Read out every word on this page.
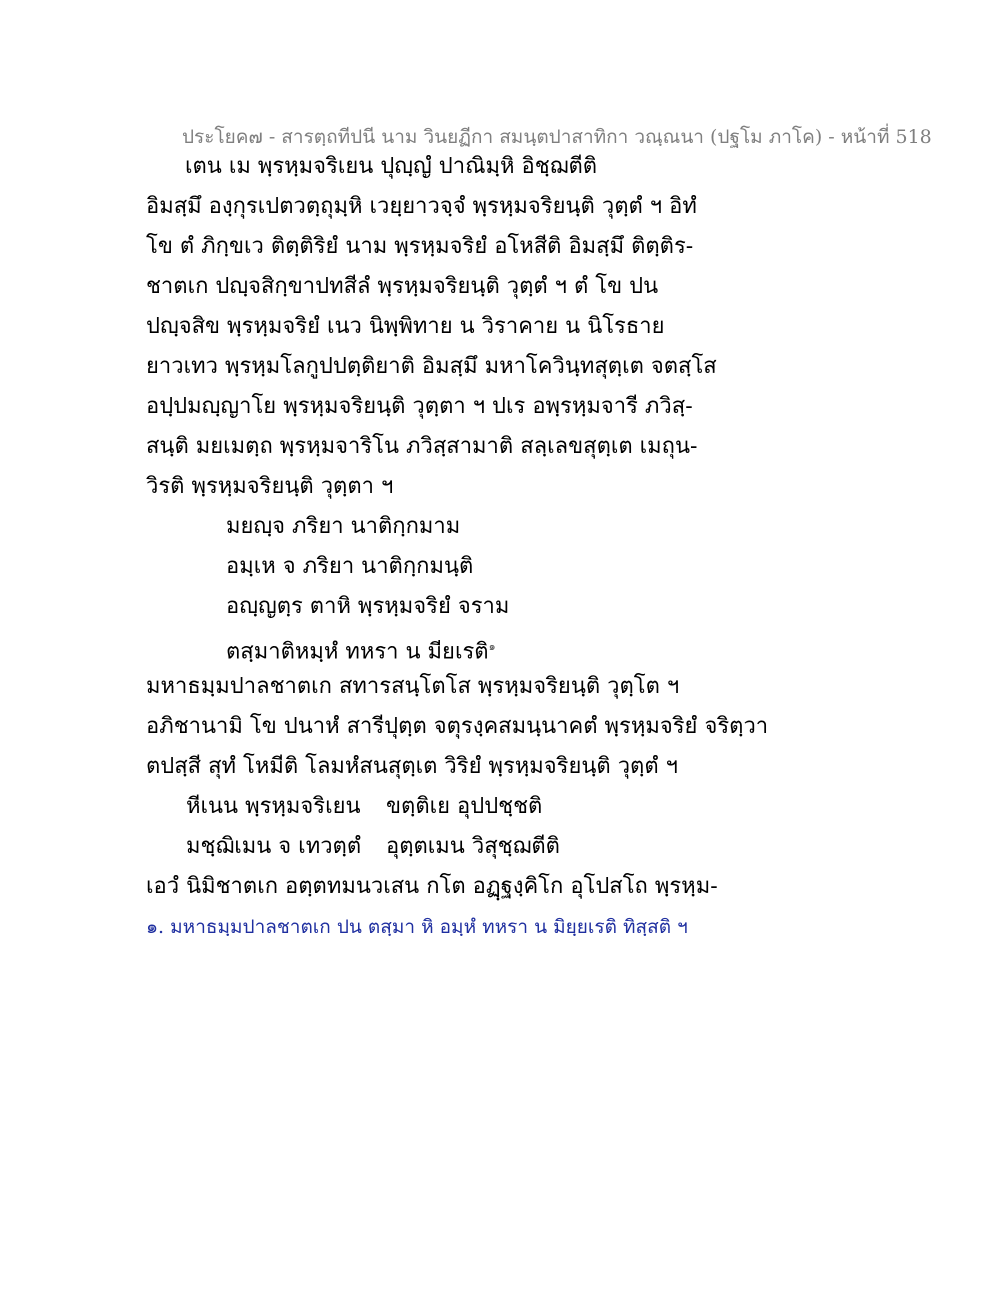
ประโยค๗ - สารตฺถทีปนี นาม วินยฏีกา สมนฺตปาสาทิกา วณฺณนา (ปฐโม ภาโค) - หน้าที่ 518
เตน เม พฺรหฺมจริเยน ปุญฺญํ ปาณิมฺหิ อิชฺฌตีติ
อิมสฺมึ องฺกุรเปตวตฺถุมฺหิ เวยฺยาวจฺจํ พฺรหฺมจริยนฺติ วุตฺตํ ฯ อิทํ
โข ตํ ภิกฺขเว ติตฺติริยํ นาม พฺรหฺมจริยํ อโหสีติ อิมสฺมึ ติตฺติร-
ชาตเก ปญฺจสิกฺขาปทสีลํ พฺรหฺมจริยนฺติ วุตฺตํ ฯ ตํ โข ปน
ปญฺจสิข พฺรหฺมจริยํ เนว นิพฺพิทาย น วิราคาย น นิโรธาย
ยาวเทว พฺรหฺมโลกูปปตฺติยาติ อิมสฺมึ มหาโควินฺทสุตฺเต จตสฺโส
อปฺปมญฺญาโย พฺรหฺมจริยนฺติ วุตฺตา ฯ ปเร อพฺรหฺมจารี ภวิสฺ-
สนฺติ มยเมตฺถ พฺรหฺมจาริโน ภวิสฺสามาติ สลฺเลขสุตฺเต เมถุน-
วิรติ พฺรหฺมจริยนฺติ วุตฺตา ฯ
มยญฺจ ภริยา นาติกฺกมาม
อมฺเห จ ภริยา นาติกฺกมนฺติ
อญฺญตฺร ตาหิ พฺรหฺมจริยํ จราม
ตสฺมาติหมฺหํ ทหรา น มียเรติ$^๑$
มหาธมฺมปาลชาตเก สทารสนฺโตโส พฺรหฺมจริยนฺติ วุตฺโต ฯ
อภิชานามิ โข ปนาหํ สารีปุตฺต จตุรงฺคสมนฺนาคตํ พฺรหฺมจริยํ จริตฺวา
ตปสฺสี สุทํ โหมีติ โลมหํสนสุตฺเต วิริยํ พฺรหฺมจริยนฺติ วุตฺตํ ฯ
หีเนน พฺรหฺมจริเยน ขตฺติเย อุปปชฺชติ
มชฺฌิเมน จ เทวตฺตํ อุตฺตเมน วิสุชฺฌตีติ
เอวํ นิมิชาตเก อตฺตทมนวเสน กโต อฏฺฐงฺคิโก อุโปสโถ พฺรหฺม-
๑. มหาธมฺมปาลชาตเก ปน ตสฺมา หิ อมฺหํ ทหรา น มิยฺยเรติ ทิสฺสติ ฯ
